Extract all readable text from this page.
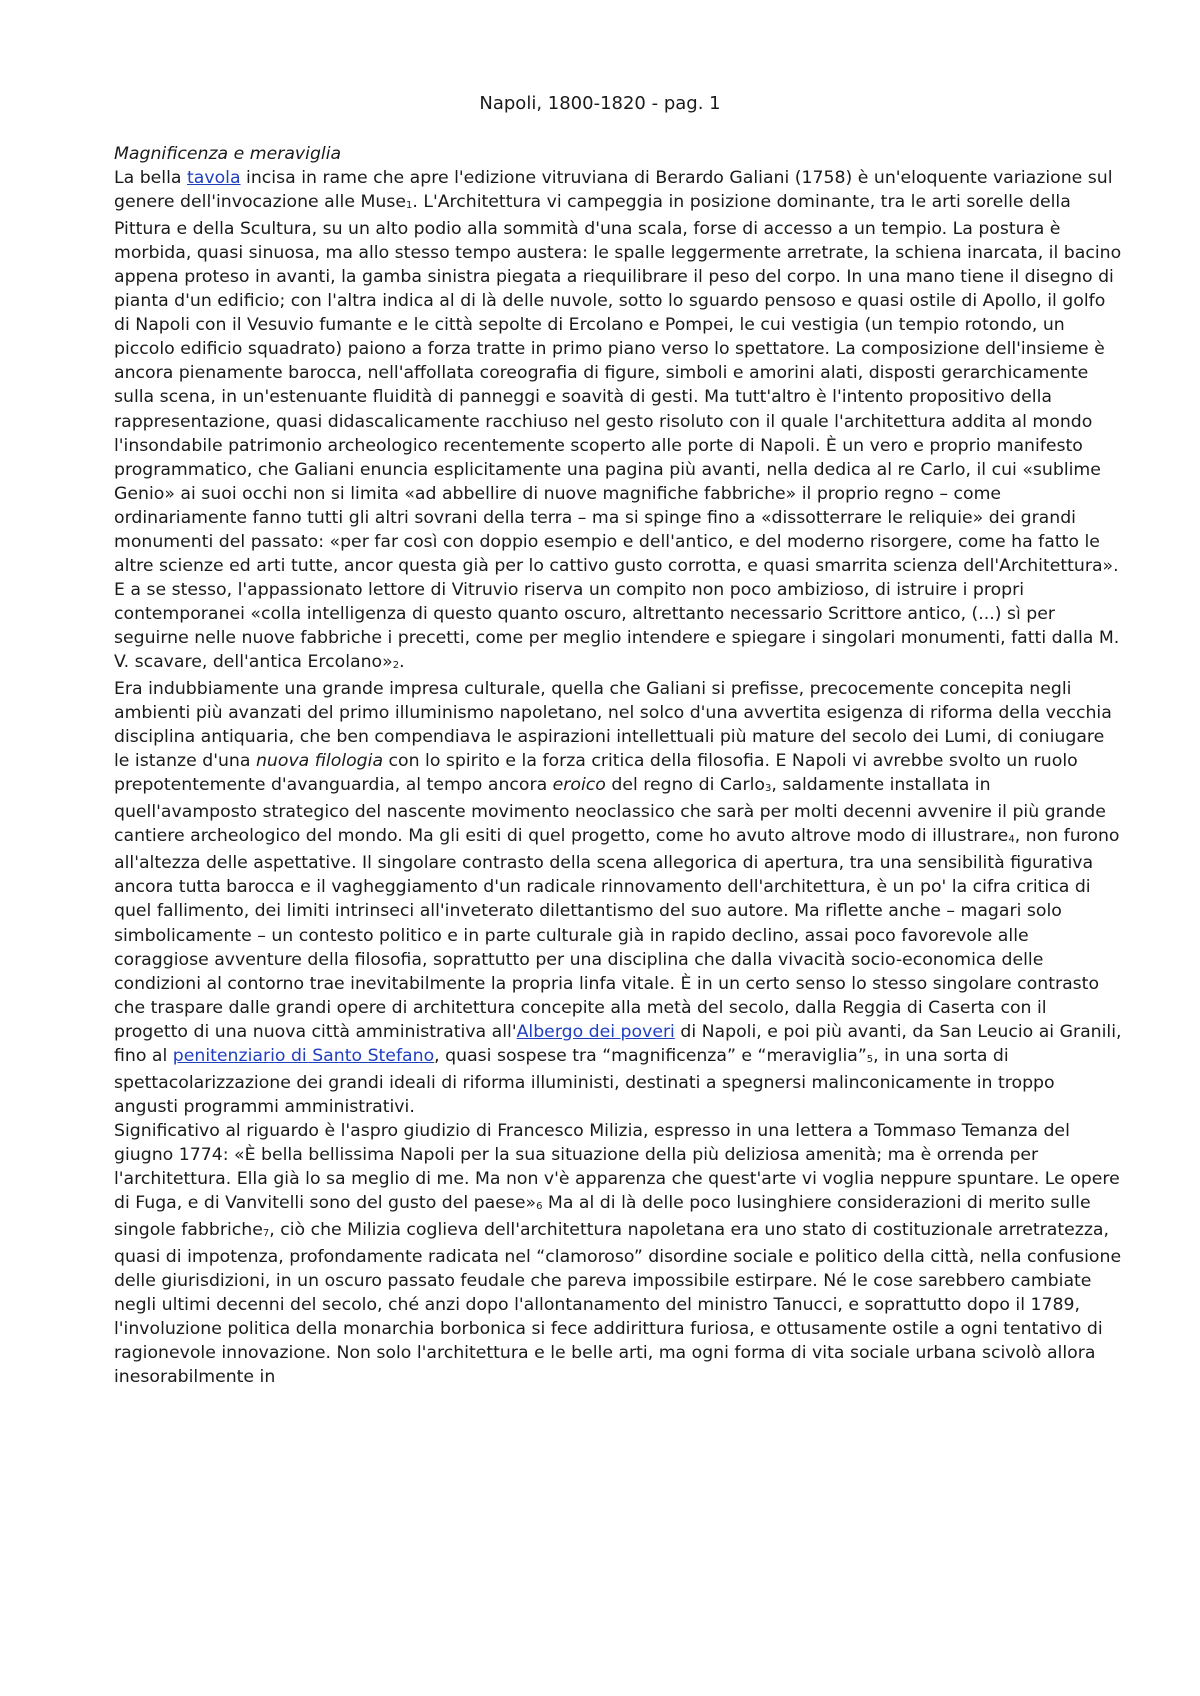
Napoli, 1800-1820 - pag. 1

Magnificenza e meraviglia

La bella tavola incisa in rame che apre l'edizione vitruviana di Berardo Galiani (1758) è un'eloquente variazione sul genere dell'invocazione alle Muse$_1$. L'Architettura vi campeggia in posizione dominante, tra le arti sorelle della Pittura e della Scultura, su un alto podio alla sommità d'una scala, forse di accesso a un tempio. La postura è morbida, quasi sinuosa, ma allo stesso tempo austera: le spalle leggermente arretrate, la schiena inarcata, il bacino appena proteso in avanti, la gamba sinistra piegata a riequilibrare il peso del corpo. In una mano tiene il disegno di pianta d'un edificio; con l'altra indica al di là delle nuvole, sotto lo sguardo pensoso e quasi ostile di Apollo, il golfo di Napoli con il Vesuvio fumante e le città sepolte di Ercolano e Pompei, le cui vestigia (un tempio rotondo, un piccolo edificio squadrato) paiono a forza tratte in primo piano verso lo spettatore. La composizione dell'insieme è ancora pienamente barocca, nell'affollata coreografia di figure, simboli e amorini alati, disposti gerarchicamente sulla scena, in un'estenuante fluidità di panneggi e soavità di gesti. Ma tutt'altro è l'intento propositivo della rappresentazione, quasi didascalicamente racchiuso nel gesto risoluto con il quale l'architettura addita al mondo l'insondabile patrimonio archeologico recentemente scoperto alle porte di Napoli. È un vero e proprio manifesto programmatico, che Galiani enuncia esplicitamente una pagina più avanti, nella dedica al re Carlo, il cui «sublime Genio» ai suoi occhi non si limita «ad abbellire di nuove magnifiche fabbriche» il proprio regno – come ordinariamente fanno tutti gli altri sovrani della terra – ma si spinge fino a «dissotterrare le reliquie» dei grandi monumenti del passato: «per far così con doppio esempio e dell'antico, e del moderno risorgere, come ha fatto le altre scienze ed arti tutte, ancor questa già per lo cattivo gusto corrotta, e quasi smarrita scienza dell'Architettura». E a se stesso, l'appassionato lettore di Vitruvio riserva un compito non poco ambizioso, di istruire i propri contemporanei «colla intelligenza di questo quanto oscuro, altrettanto necessario Scrittore antico, (...) sì per seguirne nelle nuove fabbriche i precetti, come per meglio intendere e spiegare i singolari monumenti, fatti dalla M. V. scavare, dell'antica $Ercolano»_2$.

Era indubbiamente una grande impresa culturale, quella che Galiani si prefisse, precocemente concepita negli ambienti più avanzati del primo illuminismo napoletano, nel solco d'una avvertita esigenza di riforma della vecchia disciplina antiquaria, che ben compendiava le aspirazioni intellettuali più mature del secolo dei Lumi, di coniugare le istanze d'una nuova filologia con lo spirito e la forza critica della filosofia. E Napoli vi avrebbe svolto un ruolo prepotentemente d'avanguardia, al tempo ancora eroico del regno di Carlo$_3$, saldamente installata in quell'avamposto strategico del nascente movimento neoclassico che sarà per molti decenni avvenire il più grande cantiere archeologico del mondo. Ma gli esiti di quel progetto, come ho avuto altrove modo di illustrare$_4$, non furono all'altezza delle aspettative. Il singolare contrasto della scena allegorica di apertura, tra una sensibilità figurativa ancora tutta barocca e il vagheggiamento d'un radicale rinnovamento dell'architettura, è un po' la cifra critica di quel fallimento, dei limiti intrinseci all'inveterato dilettantismo del suo autore. Ma riflette anche – magari solo simbolicamente – un contesto politico e in parte culturale già in rapido declino, assai poco favorevole alle coraggiose avventure della filosofia, soprattutto per una disciplina che dalla vivacità socio-economica delle condizioni al contorno trae inevitabilmente la propria linfa vitale. È in un certo senso lo stesso singolare contrasto che traspare dalle grandi opere di architettura concepite alla metà del secolo, dalla Reggia di Caserta con il progetto di una nuova città amministrativa all'Albergo dei poveri di Napoli, e poi più avanti, da San Leucio ai Granili, fino al penitenziario di Santo Stefano, quasi sospese tra “magnificenza” e “$meraviglia”_5$, in una sorta di spettacolarizzazione dei grandi ideali di riforma illuministi, destinati a spegnersi malinconicamente in troppo angusti programmi amministrativi.

Significativo al riguardo è l'aspro giudizio di Francesco Milizia, espresso in una lettera a Tommaso Temanza del giugno 1774: «È bella bellissima Napoli per la sua situazione della più deliziosa amenità; ma è orrenda per l'architettura. Ella già lo sa meglio di me. Ma non v'è apparenza che quest'arte vi voglia neppure spuntare. Le opere di Fuga, e di Vanvitelli sono del gusto del $paese»_6$ Ma al di là delle poco lusinghiere considerazioni di merito sulle singole fabbriche$_7$, ciò che Milizia coglieva dell'architettura napoletana era uno stato di costituzionale arretratezza, quasi di impotenza, profondamente radicata nel “clamoroso” disordine sociale e politico della città, nella confusione delle giurisdizioni, in un oscuro passato feudale che pareva impossibile estirpare. Né le cose sarebbero cambiate negli ultimi decenni del secolo, ché anzi dopo l'allontanamento del ministro Tanucci, e soprattutto dopo il 1789, l'involuzione politica della monarchia borbonica si fece addirittura furiosa, e ottusamente ostile a ogni tentativo di ragionevole innovazione. Non solo l'architettura e le belle arti, ma ogni forma di vita sociale urbana scivolò allora inesorabilmente in
